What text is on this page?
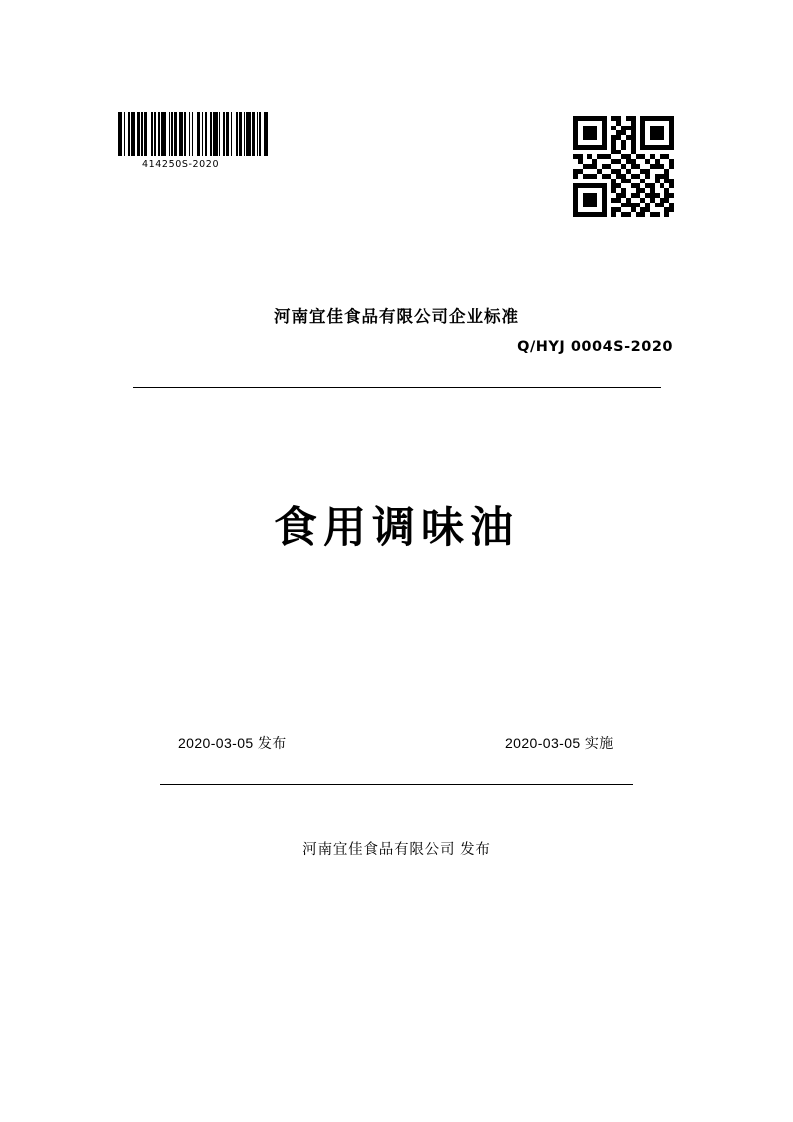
414250S-2020
河南宜佳食品有限公司企业标准
Q/HYJ 0004S-2020
食用调味油
2020-03-05 发布	2020-03-05 实施
河南宜佳食品有限公司 发布
